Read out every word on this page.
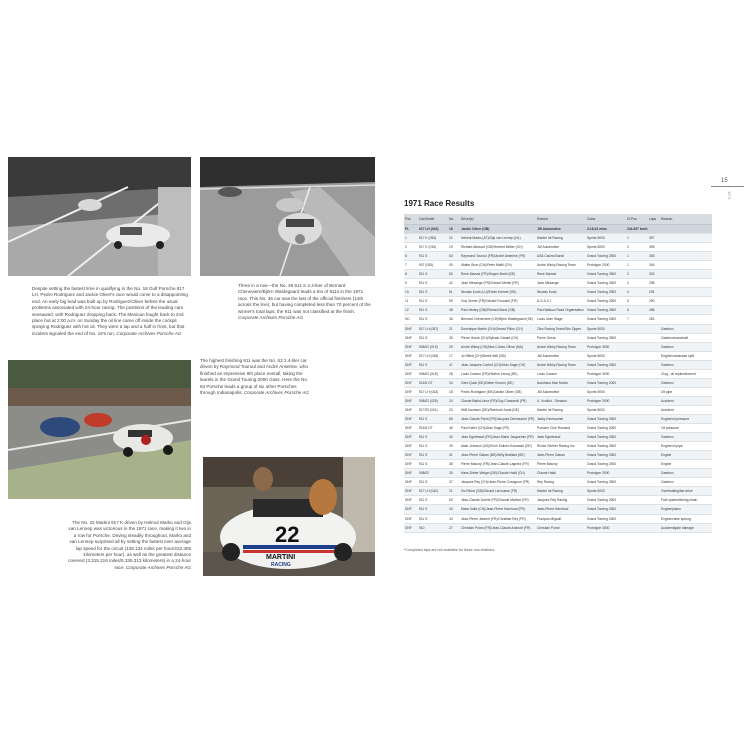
22
MARTINI
RACING
Despite setting the fastest time in qualifying in the No. 18 Gulf Porsche 917 LH, Pedro Rodriguez and Jackie Oliver's race would come to a disappointing end. An early big lead was built up by Rodriguez/Oliver before the usual problems associated with 24-hour racing. The positions of the leading cars seesawed, with Rodriguez dropping back. The Mexican fought back to 2nd place but at 2:00 a.m. on Sunday the oil line came off inside the cockpit spraying Rodriguez with hot oil. They were a lap and a half in front, but that incident signaled the end of No. 18's run. Corporate Archives Porsche AG
Three in a row—the No. 36 911 S 2.4-liter of Bernard Cheneviere/Björn Waldegaard leads a trio of 911s in the 1971 race. This No. 36 car was the last of the official finishers (14th across the line), but having completed less than 70 percent of the winner's total laps, the 911 was not classified at the finish. Corporate Archives Porsche AG
The highest finishing 911 was the No. 63 2.4-liter car driven by Raymond Touroul and André Anselme, who finished an impressive 6th place overall, taking the laurels in the Grand Touring 2000 class. Here the No. 63 Porsche leads a group of six other Porsches through Indianapolis. Corporate Archives Porsche AG
The No. 22 Martini 917 K driven by Helmut Marko and Gijs van Lennep was victorious in the 1971 race, making it two in a row for Porsche. Driving steadily throughout, Marko and van Lennep surprised all by setting the fastest ever average lap speed for the circuit (138.134 miles per hour/222.305 kilometers per hour), as well as the greatest distance covered (3,315.216 miles/5,335.313 kilometers) in a 24-hour race. Corporate Archives Porsche AG
15
1971
1971 Race Results
Pos	Car/Model	No.	Driver(s)	Entrant	Class	Cl.Pos	Laps	Reason
FL	917 LH (043)	18	Jackie Oliver (GB)	JW Automotive	3:18.24 mins	244.397 km/h		
1	917 K (053)	22	Helmut Marko (AT)/Gijs van Lennep (NL)	Martini Int Racing	Sports 5000	1	397	
2	917 K (015)	19	Richard Attwood (GB)/Herbert Müller (CH)	JW Automotive	Sports 5000	2	395	
6	911 S	63	Raymond Touroul (FR)/André Anselme (FR)	ASA Cachia Bondi	Grand Touring 2500	1	306	
7	907 (005)	49	Walter Brun (CH)/Peter Mattli (CH)	André Wicky Racing Team	Prototype 2000	1	304	
8	911 S	60	René Mazzia (FR)/Jürgen Barth (DE)	René Mazzia	Grand Touring 2500	2	303	
9	911 S	42	Jean Mésange (FR)/Gérard Merlin (FR)	Jean Mésange	Grand Touring 2500	3	298	
10	911 S	61	Nicolas Koob (LU)/Erwin Kremer (DE)	Nicolas Koob	Grand Touring 2500	4	294	
11	911 S	59	Guy Verrier (FR)/Gérard Foucault (FR)	A.G.A.C.I.	Grand Touring 2500	5	290	
12	911 S	48	Paul Vestey (GB)/Richard Bond (GB)	Paul Watson Race Organisation	Grand Touring 2500	6	286	
NC	911 S	36	Bernard Cheneviere (CH)/Björn Waldegaard (SE)	Louis Jean Stage	Grand Touring 2500	7	263	
DNF	917 LH (057)	21	Dominique Martin (CH)/Gérard Pillon (CH)	Zitro Racing Team/Otto Zipper	Sports 5000			Gearbox
DNF	911 S	35	Pierre Greub (CH)/Sylvain Garant (CH)	Pierre Greub	Grand Touring 2500			Gearbox/camshaft
DNF	908/02 (019)	29	André Wicky (CH)/Max Cohen-Olivar (MA)	André Wicky Racing Team	Prototype 3000			Gearbox
DNF	917 LH (045)	17	Jo Siffert (CH)/Derek Bell (GB)	JW Automotive	Sports 5000			Engine/crankcase split
DNF	911 S	47	Jean-Jacques Cochet (CH)/Jean Sage (CH)	André Wicky Racing Team	Grand Touring 2500			Gearbox
DNF	908/02 (018)	28	Louis Cosson (FR)/Hélène Lecoq (DE)	Louis Cosson	Prototype 3000			Clog - oil replenishment
DNF	914/6 GT	34	Gerd Quist (DE)/Dieter Krumm (DE)	Autohaus Max Moritz	Grand Touring 2000			Gearbox
DNF	917 LH (043)	18	Pedro Rodriguez (MX)/Jackie Oliver (GB)	JW Automotive	Sports 5000			Oil pipe
DNF	908/02 (025)	24	Claude Ballot-Léna (FR)/Guy Chasseuil (FR)	A. Vouillot - Sonauto	Prototype 3000			Accident
DNF	917/20 (001)	23	Willi Kauhsen (DE)/Reinhold Joest (DE)	Martini Int Racing	Sports 5000			Accident
DNF	911 S	65	Jean-Claude Parot (FR)/Jacques Dechaumel (FR)	Jacky Dechaumel	Grand Touring 2500			Engine/oil pressure
DNF	914/6 GT	46	Paul Keller (CH)/Jean Sage (FR)	Porsche Club Romand	Grand Touring 2000			Oil pressure
DNF	911 S	40	Jean Egreteaud (FR)/Jean-Marie Jacquemin (FR)	Jean Egreteaud	Grand Touring 2500			Gearbox
DNF	911 S	39	Alain Johnson (US)/Erich Sollner-Kokowski (DE)	Richie Ginther Racing Inc.	Grand Touring 2500			Engine/oil pipe
DNF	911 S	41	Jean-Pierre Gaban (BE)/Willy Braillard (BE)	Jean-Pierre Gaban	Grand Touring 2500			Engine
DNF	911 S	38	Pierre Mauroy (FR)/Jean-Claude Lagniez (FR)	Pierre Mauroy	Grand Touring 2500			Engine
DNF	908/02	30	Hans-Dieter Weigel (DE)/Claude Haldi (CH)	Claude Haldi	Prototype 3000			Gearbox
DNF	911 S	37	Jacques Rey (CH)/Jean-Pierre Cosagnon (FR)	Rey Racing	Grand Touring 2500			Gearbox
DNF	917 LH (042)	21	Vic Elford (GB)/Gérard Larrousse (FR)	Martini Int Racing	Sports 5000			Overheating/fan drive
DNF	911 S	62	Jean-Claude Guérie (FR)/Claude Mathiot (FR)	Jacques Rey Racing	Grand Touring 2500			Fuel system/timing chain
DNF	911 S	43	Mario Ilotte (CH)/Jean-Pierre Hanrioud (FR)	Jean-Pierre Hanrioud	Grand Touring 2500			Engine/piston
DNF	911 S	44	Jean-Pierre Jaubert (FR)/Christian Rey (FR)	François Migault	Grand Touring 2500			Engine/valve sprung
DNF	910	27	Christian Poirot (FR)/Jean-Claude Andruet (FR)	Christian Poirot	Prototype 3000			Accident/gate damage
*Completed laps are not available for these non-finishers.
